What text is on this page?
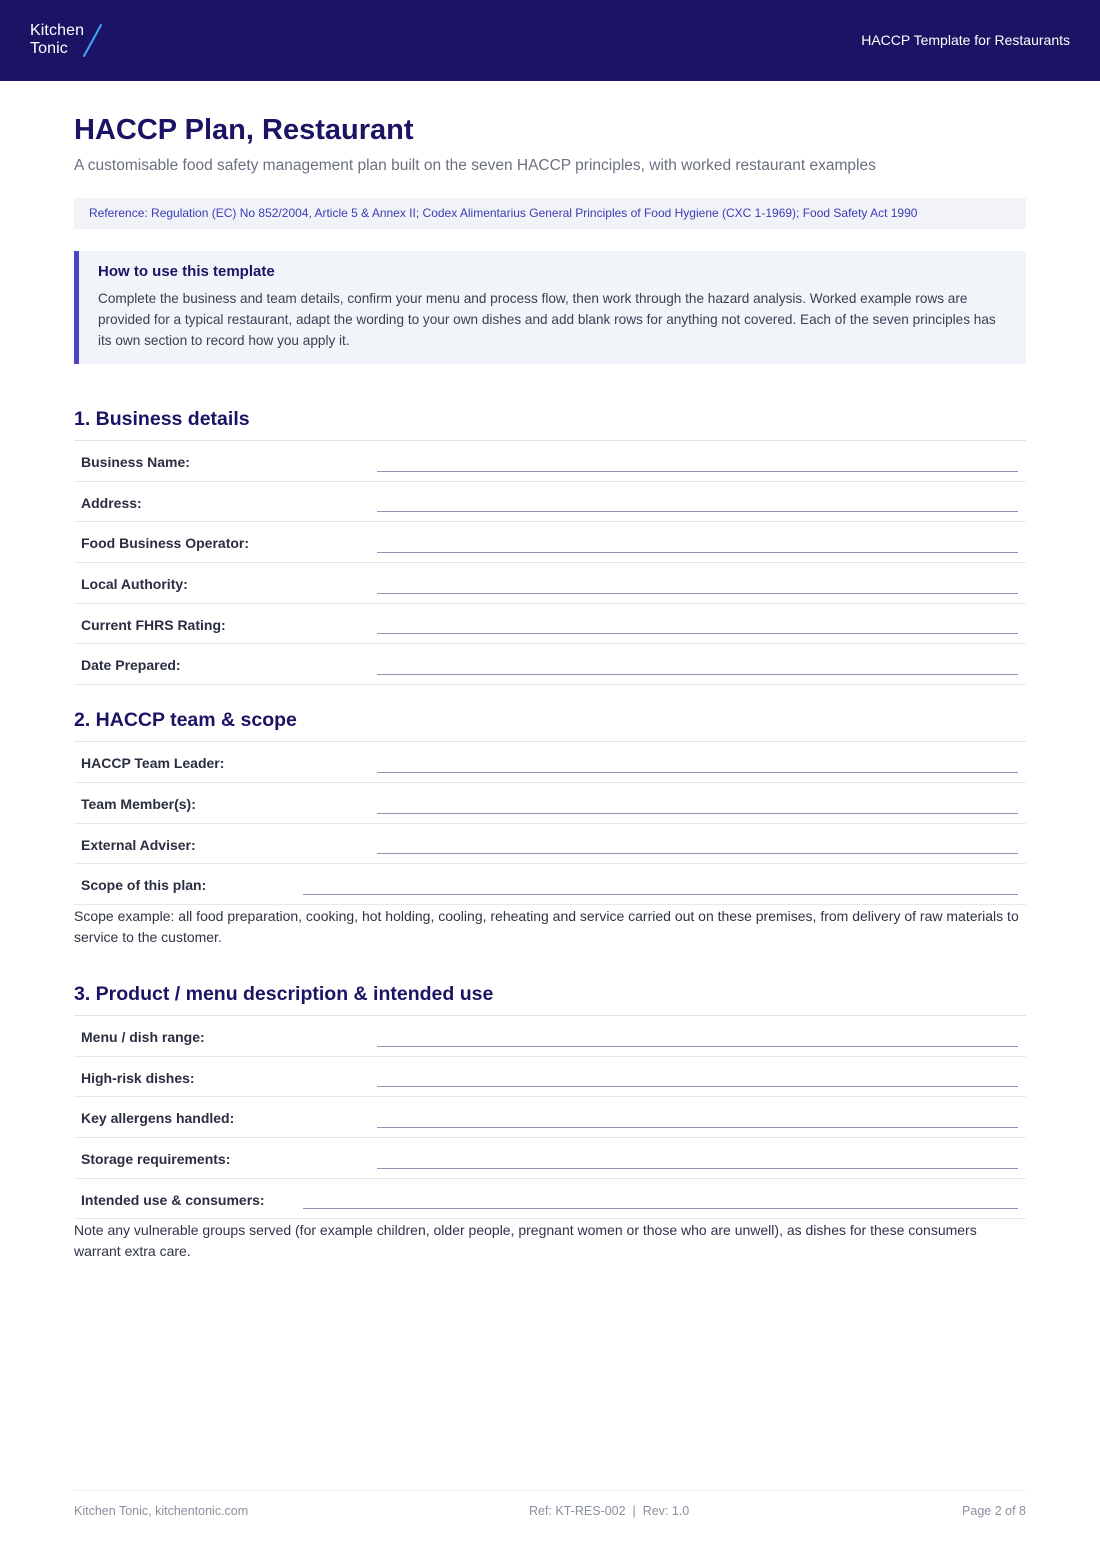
Kitchen
Tonic	HACCP Template for Restaurants
HACCP Plan, Restaurant
A customisable food safety management plan built on the seven HACCP principles, with worked restaurant examples
Reference: Regulation (EC) No 852/2004, Article 5 & Annex II; Codex Alimentarius General Principles of Food Hygiene (CXC 1-1969); Food Safety Act 1990
How to use this template
Complete the business and team details, confirm your menu and process flow, then work through the hazard analysis. Worked example rows are provided for a typical restaurant, adapt the wording to your own dishes and add blank rows for anything not covered. Each of the seven principles has its own section to record how you apply it.
1. Business details
Business Name:
Address:
Food Business Operator:
Local Authority:
Current FHRS Rating:
Date Prepared:
2. HACCP team & scope
HACCP Team Leader:
Team Member(s):
External Adviser:
Scope of this plan:
Scope example: all food preparation, cooking, hot holding, cooling, reheating and service carried out on these premises, from delivery of raw materials to service to the customer.
3. Product / menu description & intended use
Menu / dish range:
High-risk dishes:
Key allergens handled:
Storage requirements:
Intended use & consumers:
Note any vulnerable groups served (for example children, older people, pregnant women or those who are unwell), as dishes for these consumers warrant extra care.
Kitchen Tonic, kitchentonic.com	Ref: KT-RES-002  |  Rev: 1.0	Page 2 of 8
